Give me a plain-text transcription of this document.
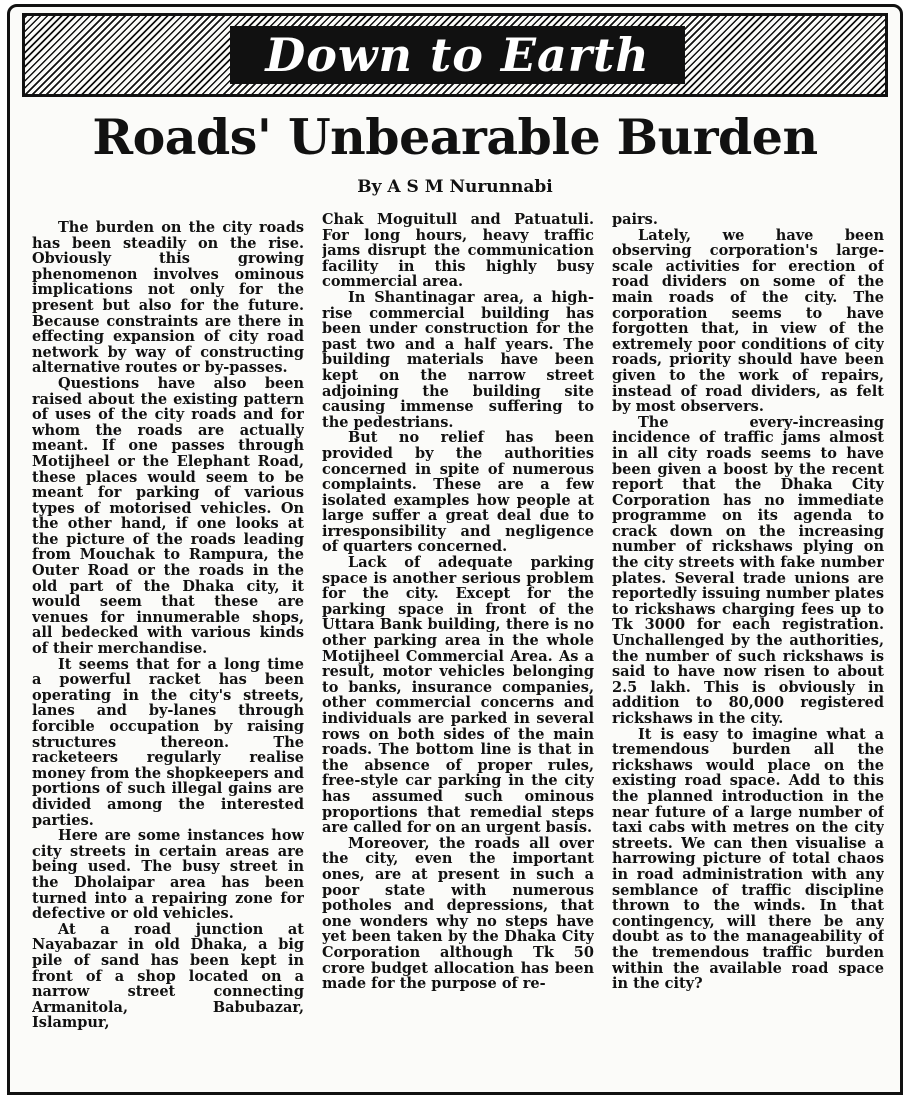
Down to Earth
Roads' Unbearable Burden
By A S M Nurunnabi

The burden on the city roads has been steadily on the rise. Obviously this growing phenomenon involves ominous implications not only for the present but also for the future. Because constraints are there in effecting expansion of city road network by way of constructing alternative routes or by-passes.

Questions have also been raised about the existing pattern of uses of the city roads and for whom the roads are actually meant. If one passes through Motijheel or the Elephant Road, these places would seem to be meant for parking of various types of motorised vehicles. On the other hand, if one looks at the picture of the roads leading from Mouchak to Rampura, the Outer Road or the roads in the old part of the Dhaka city, it would seem that these are venues for innumerable shops, all bedecked with various kinds of their merchandise.

It seems that for a long time a powerful racket has been operating in the city's streets, lanes and by-lanes through forcible occupation by raising structures thereon. The racketeers regularly realise money from the shopkeepers and portions of such illegal gains are divided among the interested parties.

Here are some instances how city streets in certain areas are being used. The busy street in the Dholaipar area has been turned into a repairing zone for defective or old vehicles.

At a road junction at Nayabazar in old Dhaka, a big pile of sand has been kept in front of a shop located on a narrow street connecting Armanitola, Babubazar, Islampur,

Chak Moguitull and Patuatuli. For long hours, heavy traffic jams disrupt the communication facility in this highly busy commercial area.

In Shantinagar area, a high-rise commercial building has been under construction for the past two and a half years. The building materials have been kept on the narrow street adjoining the building site causing immense suffering to the pedestrians.

But no relief has been provided by the authorities concerned in spite of numerous complaints. These are a few isolated examples how people at large suffer a great deal due to irresponsibility and negligence of quarters concerned.

Lack of adequate parking space is another serious problem for the city. Except for the parking space in front of the Uttara Bank building, there is no other parking area in the whole Motijheel Commercial Area. As a result, motor vehicles belonging to banks, insurance companies, other commercial concerns and individuals are parked in several rows on both sides of the main roads. The bottom line is that in the absence of proper rules, free-style car parking in the city has assumed such ominous proportions that remedial steps are called for on an urgent basis.

Moreover, the roads all over the city, even the important ones, are at present in such a poor state with numerous potholes and depressions, that one wonders why no steps have yet been taken by the Dhaka City Corporation although Tk 50 crore budget allocation has been made for the purpose of re-

pairs.

Lately, we have been observing corporation's large-scale activities for erection of road dividers on some of the main roads of the city. The corporation seems to have forgotten that, in view of the extremely poor conditions of city roads, priority should have been given to the work of repairs, instead of road dividers, as felt by most observers.

The every-increasing incidence of traffic jams almost in all city roads seems to have been given a boost by the recent report that the Dhaka City Corporation has no immediate programme on its agenda to crack down on the increasing number of rickshaws plying on the city streets with fake number plates. Several trade unions are reportedly issuing number plates to rickshaws charging fees up to Tk 3000 for each registration. Unchallenged by the authorities, the number of such rickshaws is said to have now risen to about 2.5 lakh. This is obviously in addition to 80,000 registered rickshaws in the city.

It is easy to imagine what a tremendous burden all the rickshaws would place on the existing road space. Add to this the planned introduction in the near future of a large number of taxi cabs with metres on the city streets. We can then visualise a harrowing picture of total chaos in road administration with any semblance of traffic discipline thrown to the winds. In that contingency, will there be any doubt as to the manageability of the tremendous traffic burden within the available road space in the city?
